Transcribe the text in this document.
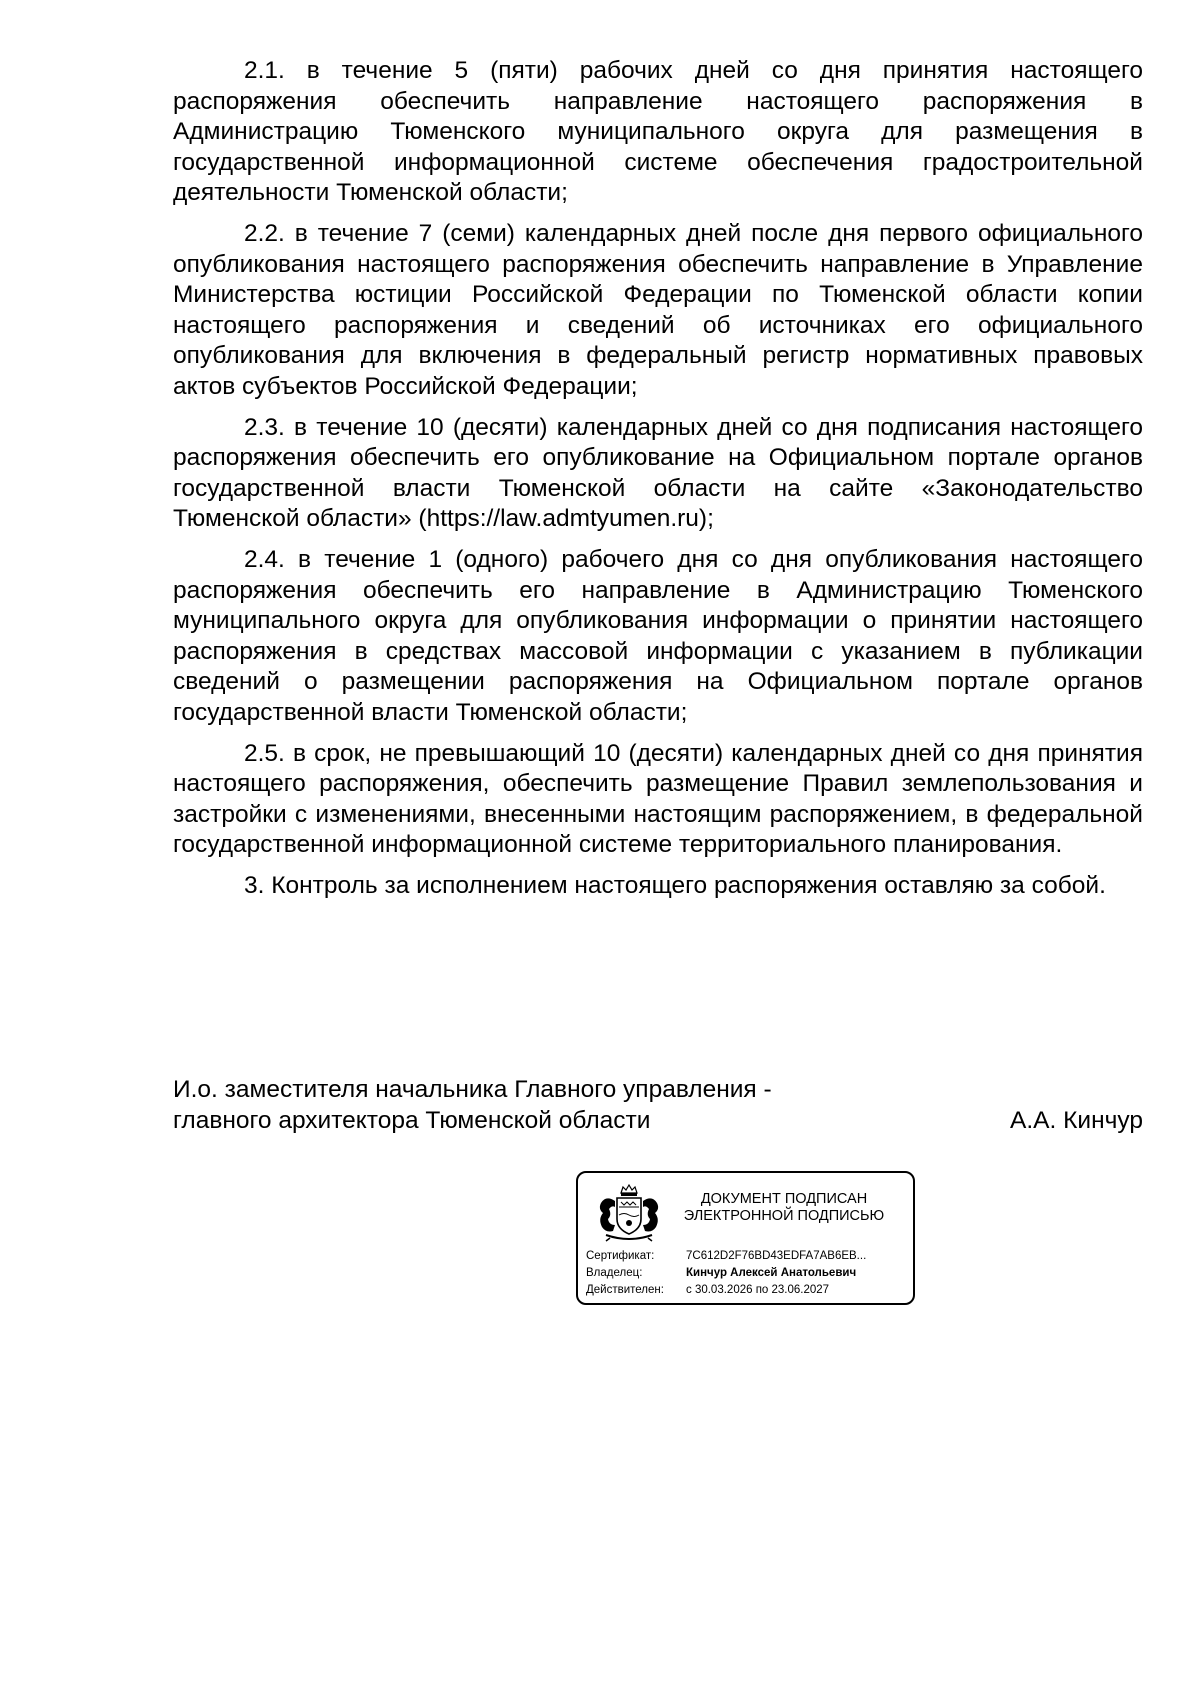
2.1. в течение 5 (пяти) рабочих дней со дня принятия настоящего распоряжения обеспечить направление настоящего распоряжения в Администрацию Тюменского муниципального округа для размещения в государственной информационной системе обеспечения градостроительной деятельности Тюменской области;

2.2. в течение 7 (семи) календарных дней после дня первого официального опубликования настоящего распоряжения обеспечить направление в Управление Министерства юстиции Российской Федерации по Тюменской области копии настоящего распоряжения и сведений об источниках его официального опубликования для включения в федеральный регистр нормативных правовых актов субъектов Российской Федерации;

2.3. в течение 10 (десяти) календарных дней со дня подписания настоящего распоряжения обеспечить его опубликование на Официальном портале органов государственной власти Тюменской области на сайте «Законодательство Тюменской области» (https://law.admtyumen.ru);

2.4. в течение 1 (одного) рабочего дня со дня опубликования настоящего распоряжения обеспечить его направление в Администрацию Тюменского муниципального округа для опубликования информации о принятии настоящего распоряжения в средствах массовой информации с указанием в публикации сведений о размещении распоряжения на Официальном портале органов государственной власти Тюменской области;

2.5. в срок, не превышающий 10 (десяти) календарных дней со дня принятия настоящего распоряжения, обеспечить размещение Правил землепользования и застройки с изменениями, внесенными настоящим распоряжением, в федеральной государственной информационной системе территориального планирования.

3. Контроль за исполнением настоящего распоряжения оставляю за собой.

И.о. заместителя начальника Главного управления -
главного архитектора Тюменской области	А.А. Кинчур
ДОКУМЕНТ ПОДПИСАН
ЭЛЕКТРОННОЙ ПОДПИСЬЮ
Сертификат:	7C612D2F76BD43EDFA7AB6EB...
Владелец:	Кинчур Алексей Анатольевич
Действителен: с 30.03.2026 по 23.06.2027
